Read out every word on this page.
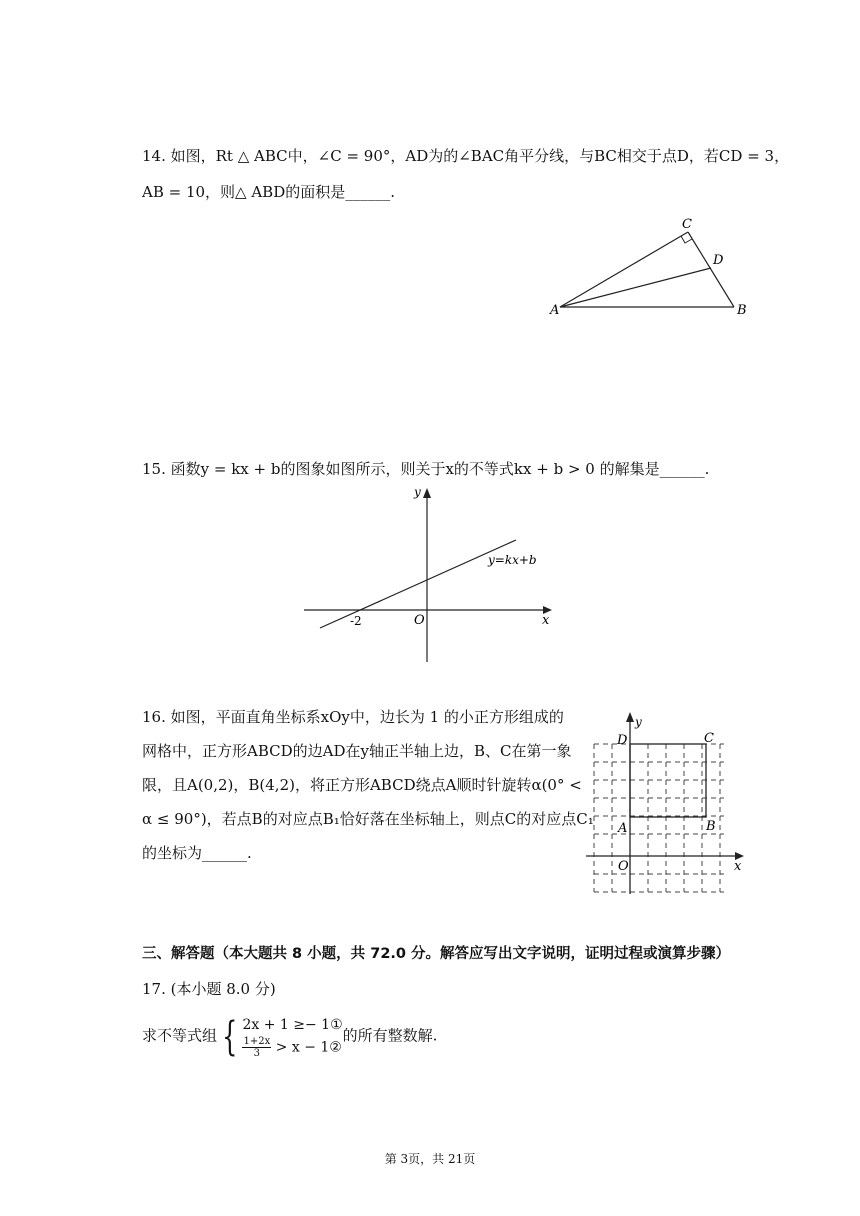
14. 如图，Rt △ ABC中，∠C = 90°，AD为的∠BAC角平分线，与BC相交于点D，若CD = 3，
AB = 10，则△ ABD的面积是______.
A	B
C
D
15. 函数y = kx + b的图象如图所示，则关于x的不等式kx + b > 0 的解集是______.
y
x
O
-2
y=kx+b
16. 如图，平面直角坐标系xOy中，边长为 1 的小正方形组成的
网格中，正方形ABCD的边AD在y轴正半轴上边，B、C在第一象
限，且A(0,2)，B(4,2)，将正方形ABCD绕点A顺时针旋转α(0° <
α ≤ 90°)，若点B的对应点B₁恰好落在坐标轴上，则点C的对应点C₁
的坐标为______.
y
x
O
A	B
C
D
三、解答题（本大题共 8 小题，共 72.0 分。解答应写出文字说明，证明过程或演算步骤）
17. (本小题 8.0 分)
求不等式组 { 2x + 1 ≥− 1①
$\frac{1+2x}{3} > x$ − 1②
的所有整数解.
第 3页，共 21页
